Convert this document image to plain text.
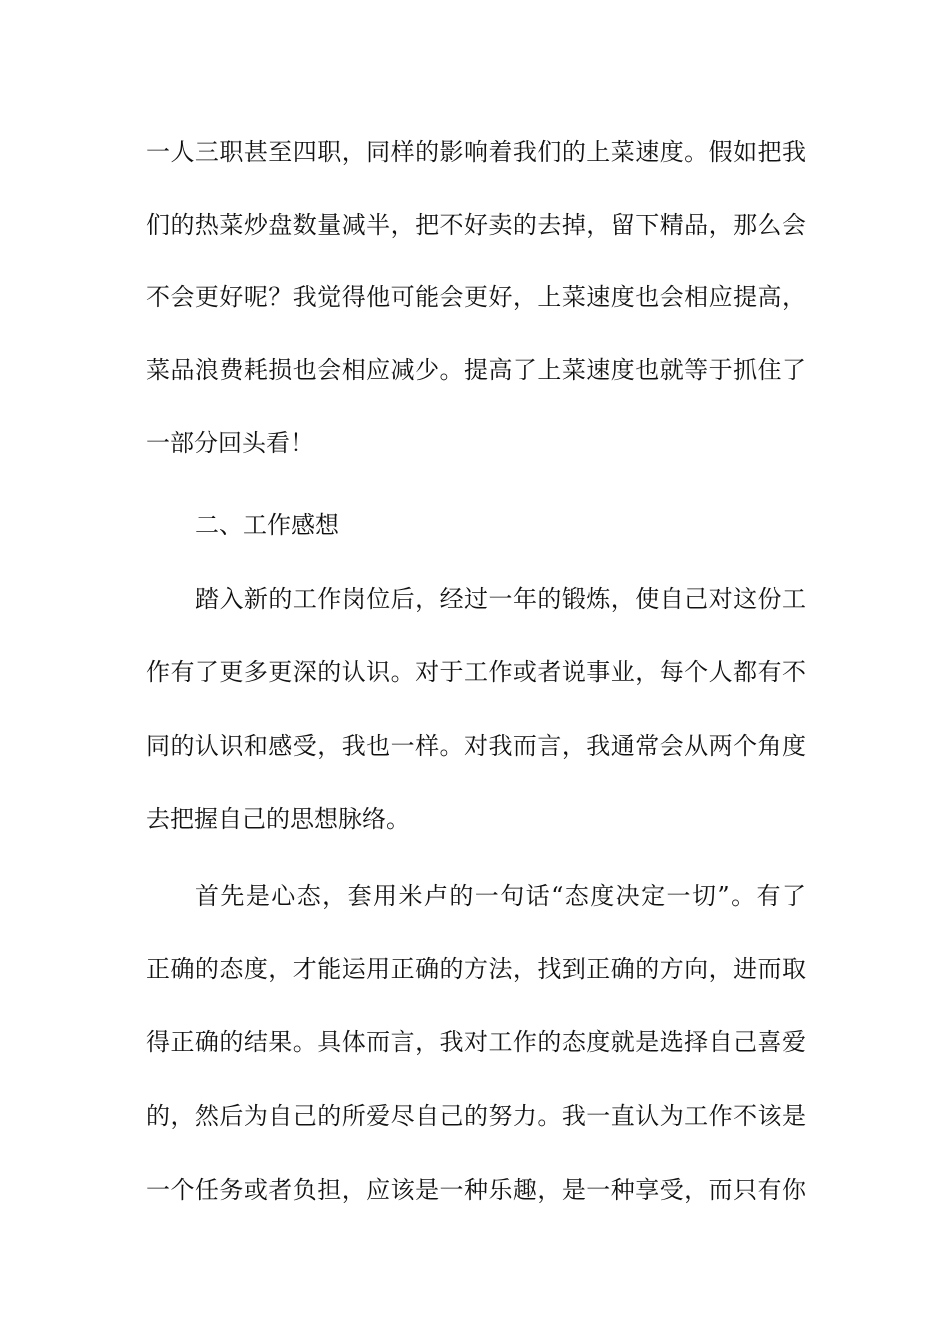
一人三职甚至四职，同样的影响着我们的上菜速度。假如把我
们的热菜炒盘数量减半，把不好卖的去掉，留下精品，那么会
不会更好呢？我觉得他可能会更好，上菜速度也会相应提高，
菜品浪费耗损也会相应减少。提高了上菜速度也就等于抓住了
一部分回头看！
二、工作感想
踏入新的工作岗位后，经过一年的锻炼，使自己对这份工
作有了更多更深的认识。对于工作或者说事业，每个人都有不
同的认识和感受，我也一样。对我而言，我通常会从两个角度
去把握自己的思想脉络。
首先是心态，套用米卢的一句话“态度决定一切”。有了
正确的态度，才能运用正确的方法，找到正确的方向，进而取
得正确的结果。具体而言，我对工作的态度就是选择自己喜爱
的，然后为自己的所爱尽自己的努力。我一直认为工作不该是
一个任务或者负担，应该是一种乐趣，是一种享受，而只有你
